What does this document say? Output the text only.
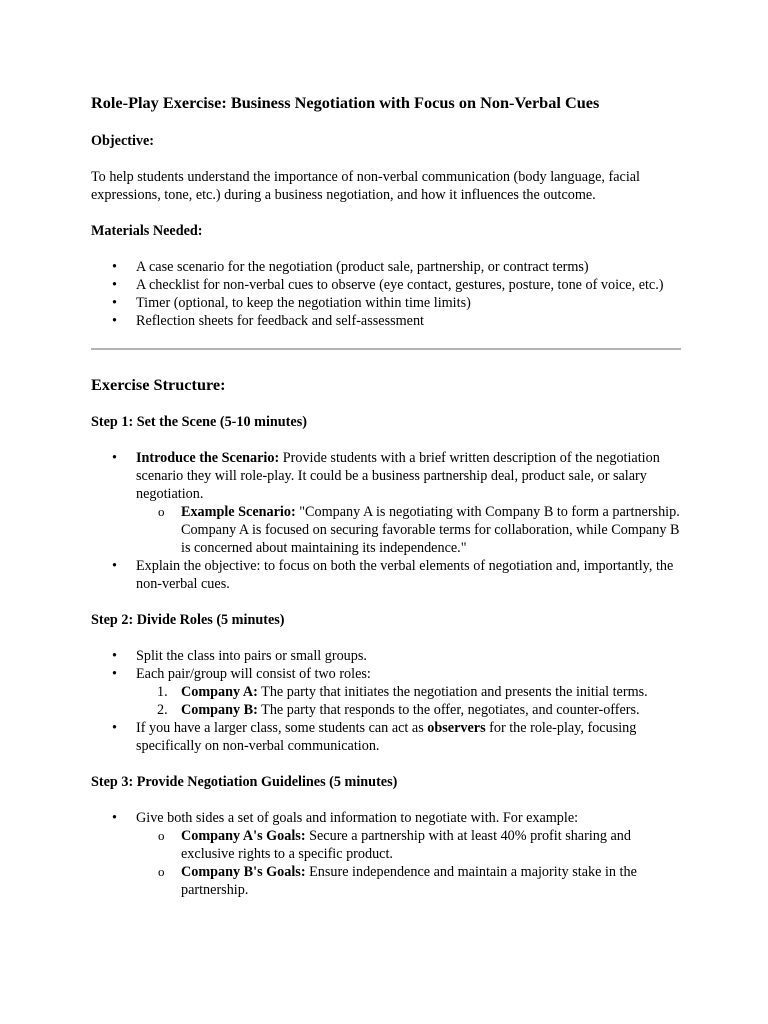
Role-Play Exercise: Business Negotiation with Focus on Non-Verbal Cues
Objective:

To help students understand the importance of non-verbal communication (body language, facial expressions, tone, etc.) during a business negotiation, and how it influences the outcome.

Materials Needed:
• A case scenario for the negotiation (product sale, partnership, or contract terms)
• A checklist for non-verbal cues to observe (eye contact, gestures, posture, tone of voice, etc.)
• Timer (optional, to keep the negotiation within time limits)
• Reflection sheets for feedback and self-assessment
Exercise Structure:
Step 1: Set the Scene (5-10 minutes)
• Introduce the Scenario: Provide students with a brief written description of the negotiation scenario they will role-play. It could be a business partnership deal, product sale, or salary negotiation.
o Example Scenario: "Company A is negotiating with Company B to form a partnership. Company A is focused on securing favorable terms for collaboration, while Company B is concerned about maintaining its independence."
• Explain the objective: to focus on both the verbal elements of negotiation and, importantly, the non-verbal cues.
Step 2: Divide Roles (5 minutes)
• Split the class into pairs or small groups.
• Each pair/group will consist of two roles:
1. Company A: The party that initiates the negotiation and presents the initial terms.
2. Company B: The party that responds to the offer, negotiates, and counter-offers.
• If you have a larger class, some students can act as observers for the role-play, focusing specifically on non-verbal communication.
Step 3: Provide Negotiation Guidelines (5 minutes)
• Give both sides a set of goals and information to negotiate with. For example:
o Company A's Goals: Secure a partnership with at least 40% profit sharing and exclusive rights to a specific product.
o Company B's Goals: Ensure independence and maintain a majority stake in the partnership.
